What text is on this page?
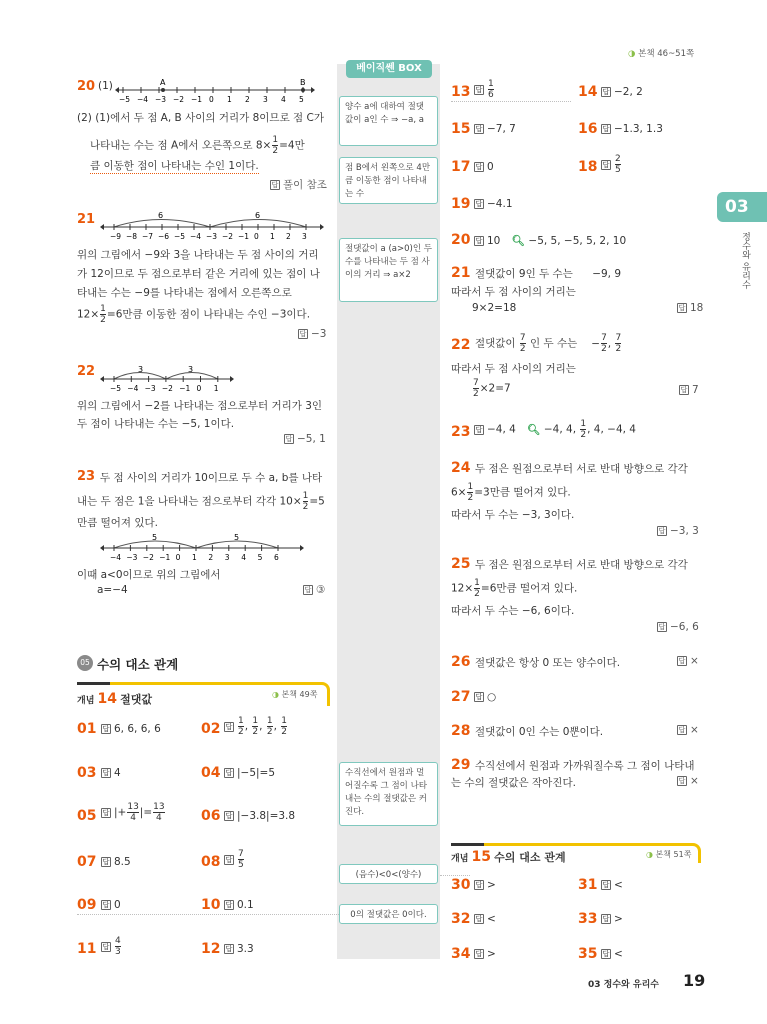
◑ 본책 46~51쪽
03
정수와 유리수
베이직쎈 BOX
양수 a에 대하여 절댓값이 a인 수 ⇒ −a, a
점 B에서 왼쪽으로 4만큼 이동한 점이 나타내는 수
절댓값이 a (a>0)인 두 수를 나타내는 두 점 사이의 거리 ⇒ a×2
수직선에서 원점과 멀어질수록 그 점이 나타내는 수의 절댓값은 커진다.
(음수)<0<(양수)
0의 절댓값은 0이다.
20 (1)
−5 −4 −3 −2 −1 0 1 2 3 4 5
A	B
(2) (1)에서 두 점 A, B 사이의 거리가 8이므로 점 C가
나타내는 수는 점 A에서 오른쪽으로 $8\times \frac{1}{2} =4$만
큼 이동한 점이 나타내는 수인 1이다.
답 풀이 참조
21	6	6
−9 −8 −7 −6 −5 −4 −3 −2 −1 0 1 2 3
위의 그림에서 −9와 3을 나타내는 두 점 사이의 거리
가 12이므로 두 점으로부터 같은 거리에 있는 점이 나
타내는 수는 −9를 나타내는 점에서 오른쪽으로
$12\times \frac{1}{2} =6$만큼 이동한 점이 나타내는 수인 −3이다.
답 −3
22	3	3
−5 −4 −3 −2 −1 0 1
위의 그림에서 −2를 나타내는 점으로부터 거리가 3인
두 점이 나타내는 수는 −5, 1이다.
답 −5, 1
23 두 점 사이의 거리가 10이므로 두 수 a, b를 나타
내는 두 점은 1을 나타내는 점으로부터 각각 $10\times \frac{1}{2} =5$
만큼 떨어져 있다.
5	5
−4 −3 −2 −1 0 1 2 3 4 5 6
이때 a<0이므로 위의 그림에서
a=−4	답 ③
05 수의 대소 관계
개념 14 절댓값	◑ 본책 49쪽
01 답 6, 6, 6, 6	02 답 $\frac{1}{2}$ , $\frac{1}{2}$ , $\frac{1}{2}$ , $\frac{1}{2}$
03 답 4	04 답 |−5|=5
05 답 |+ $\frac{13}{4}$ |= $\frac{13}{4}$	06 답 |−3.8|=3.8
07 답 8.5	08 답 $\frac{7}{5}$
09 답 0	10 답 0.1
11 답 $\frac{4}{3}$	12 답 3.3
13 답 $\frac{1}{6}$	14 답 −2, 2
15 답 −7, 7	16 답 −1.3, 1.3
17 답 0	18 답 $\frac{2}{5}$
19 답 −4.1
20 답 10 🔍︎ −5, 5, −5, 5, 2, 10
21 절댓값이 9인 두 수는 −9, 9
따라서 두 점 사이의 거리는
9×2=18	답 18
22 절댓값이 $\frac{7}{2}$ 인 두 수는 − $\frac{7}{2}$ , $\frac{7}{2}$
따라서 두 점 사이의 거리는
$\frac{7}{2} \times 2=7$	답 7
23 답 −4, 4 🔍︎ −4, 4, $\frac{1}{2}$ , 4, −4, 4
24 두 점은 원점으로부터 서로 반대 방향으로 각각
$6\times \frac{1}{2} =3$만큼 떨어져 있다.
따라서 두 수는 −3, 3이다.
답 −3, 3
25 두 점은 원점으로부터 서로 반대 방향으로 각각
$12\times \frac{1}{2} =6$만큼 떨어져 있다.
따라서 두 수는 −6, 6이다.
답 −6, 6
26 절댓값은 항상 0 또는 양수이다.	답 ×
27 답 ○
28 절댓값이 0인 수는 0뿐이다.	답 ×
29 수직선에서 원점과 가까워질수록 그 점이 나타내
는 수의 절댓값은 작아진다.	답 ×
개념 15 수의 대소 관계	◑ 본책 51쪽
30 답 >	31 답 <
32 답 <	33 답 >
34 답 >	35 답 <
03 정수와 유리수 19
